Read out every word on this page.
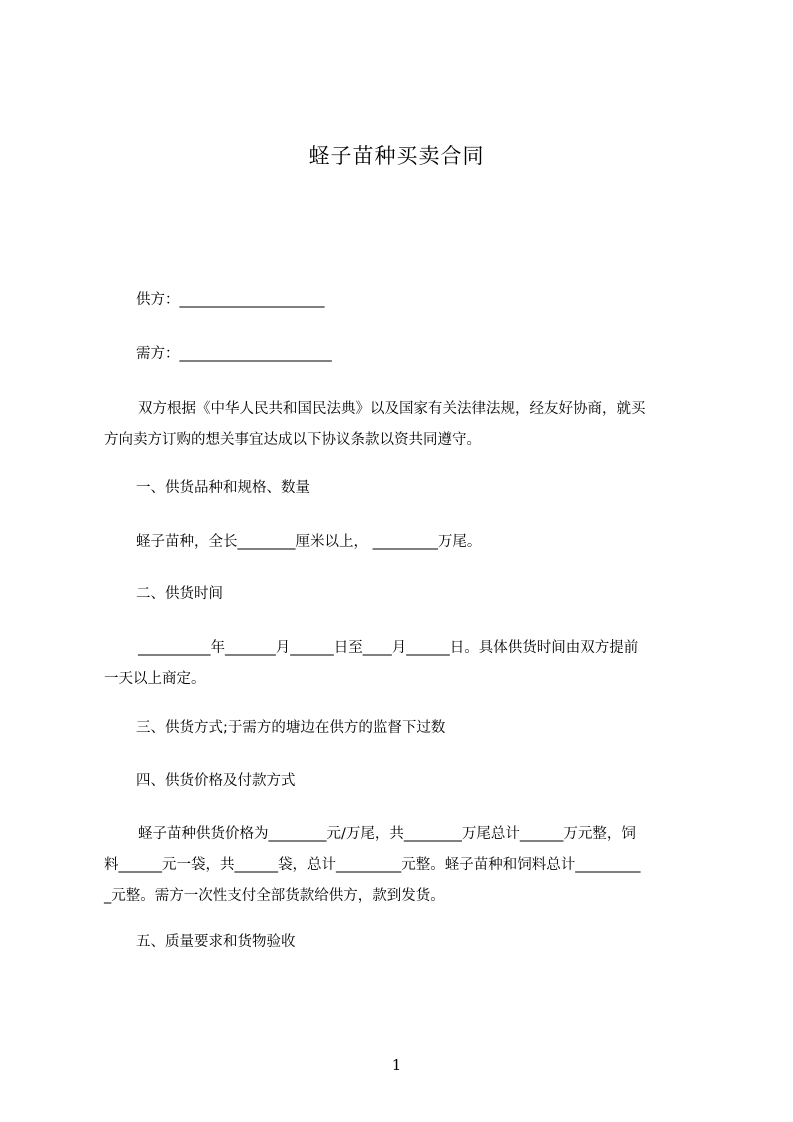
蛏子苗种买卖合同
供方：____________________
需方：_____________________
双方根据《中华人民共和国民法典》以及国家有关法律法规，经友好协商，就买
方向卖方订购的想关事宜达成以下协议条款以资共同遵守。
一、供货品种和规格、数量
蛏子苗种，全长________厘米以上， _________万尾。
二、供货时间
__________年_______月______日至____月______日。具体供货时间由双方提前
一天以上商定。
三、供货方式;于需方的塘边在供方的监督下过数
四、供货价格及付款方式
蛏子苗种供货价格为________元/万尾，共________万尾总计______万元整，饲
料______元一袋，共______袋，总计_________元整。蛏子苗种和饲料总计_________
_元整。需方一次性支付全部货款给供方，款到发货。
五、质量要求和货物验收
1
